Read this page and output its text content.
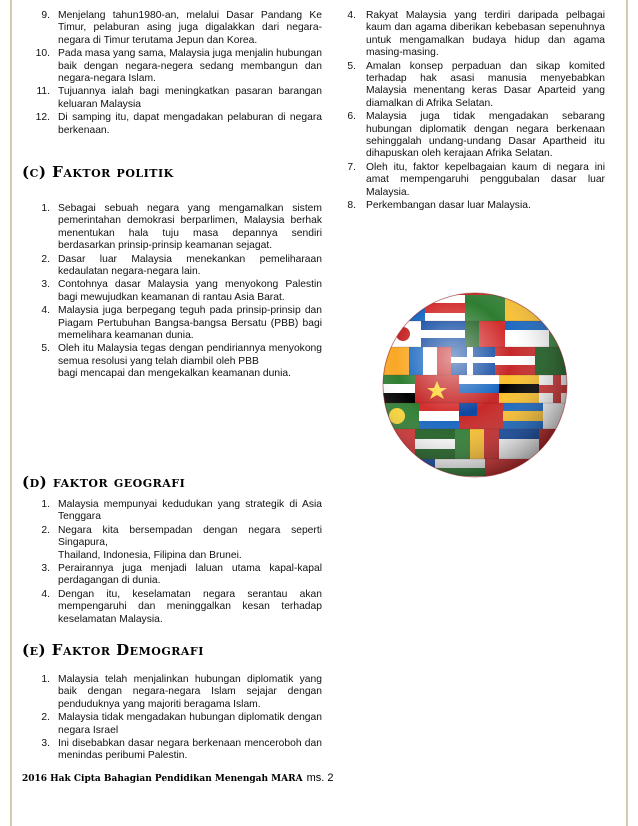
9. Menjelang tahun1980-an, melalui Dasar Pandang Ke Timur, pelaburan asing juga digalakkan dari negara-negara di Timur terutama Jepun dan Korea.
10. Pada masa yang sama, Malaysia juga menjalin hubungan baik dengan negara-negera sedang membangun dan negara-negara Islam.
11. Tujuannya ialah bagi meningkatkan pasaran barangan keluaran Malaysia
12. Di samping itu, dapat mengadakan pelaburan di negara berkenaan.
(c) Faktor politik
1. Sebagai sebuah negara yang mengamalkan sistem pemerintahan demokrasi berparlimen, Malaysia berhak menentukan hala tuju masa depannya sendiri berdasarkan prinsip-prinsip keamanan sejagat.
2. Dasar luar Malaysia menekankan pemeliharaan kedaulatan negara-negara lain.
3. Contohnya dasar Malaysia yang menyokong Palestin bagi mewujudkan keamanan di rantau Asia Barat.
4. Malaysia juga berpegang teguh pada prinsip-prinsip dan Piagam Pertubuhan Bangsa-bangsa Bersatu (PBB) bagi memelihara keamanan dunia.
5. Oleh itu Malaysia tegas dengan pendiriannya menyokong semua resolusi yang telah diambil oleh PBB
bagi mencapai dan mengekalkan keamanan dunia.
(d) faktor geografi
1. Malaysia mempunyai kedudukan yang strategik di Asia Tenggara
2. Negara kita bersempadan dengan negara seperti Singapura,
Thailand, Indonesia, Filipina dan Brunei.
3. Perairannya juga menjadi laluan utama kapal-kapal perdagangan di dunia.
4. Dengan itu, keselamatan negara serantau akan mempengaruhi dan meninggalkan kesan terhadap keselamatan Malaysia.
(e) Faktor Demografi
1. Malaysia telah menjalinkan hubungan diplomatik yang baik dengan negara-negara Islam sejajar dengan penduduknya yang majoriti beragama Islam.
2. Malaysia tidak mengadakan hubungan diplomatik dengan negara Israel
3. Ini disebabkan dasar negara berkenaan menceroboh dan menindas peribumi Palestin.
4. Rakyat Malaysia yang terdiri daripada pelbagai kaum dan agama diberikan kebebasan sepenuhnya untuk mengamalkan budaya hidup dan agama masing-masing.
5. Amalan konsep perpaduan dan sikap komited terhadap hak asasi manusia menyebabkan Malaysia menentang keras Dasar Aparteid yang diamalkan di Afrika Selatan.
6. Malaysia juga tidak mengadakan sebarang hubungan diplomatik dengan negara berkenaan sehinggalah undang-undang Dasar Apartheid itu dihapuskan oleh kerajaan Afrika Selatan.
7. Oleh itu, faktor kepelbagaian kaum di negara ini amat mempengaruhi penggubalan dasar luar Malaysia.
8. Perkembangan dasar luar Malaysia.
2016 Hak Cipta Bahagian Pendidikan Menengah MARA ms. 2
